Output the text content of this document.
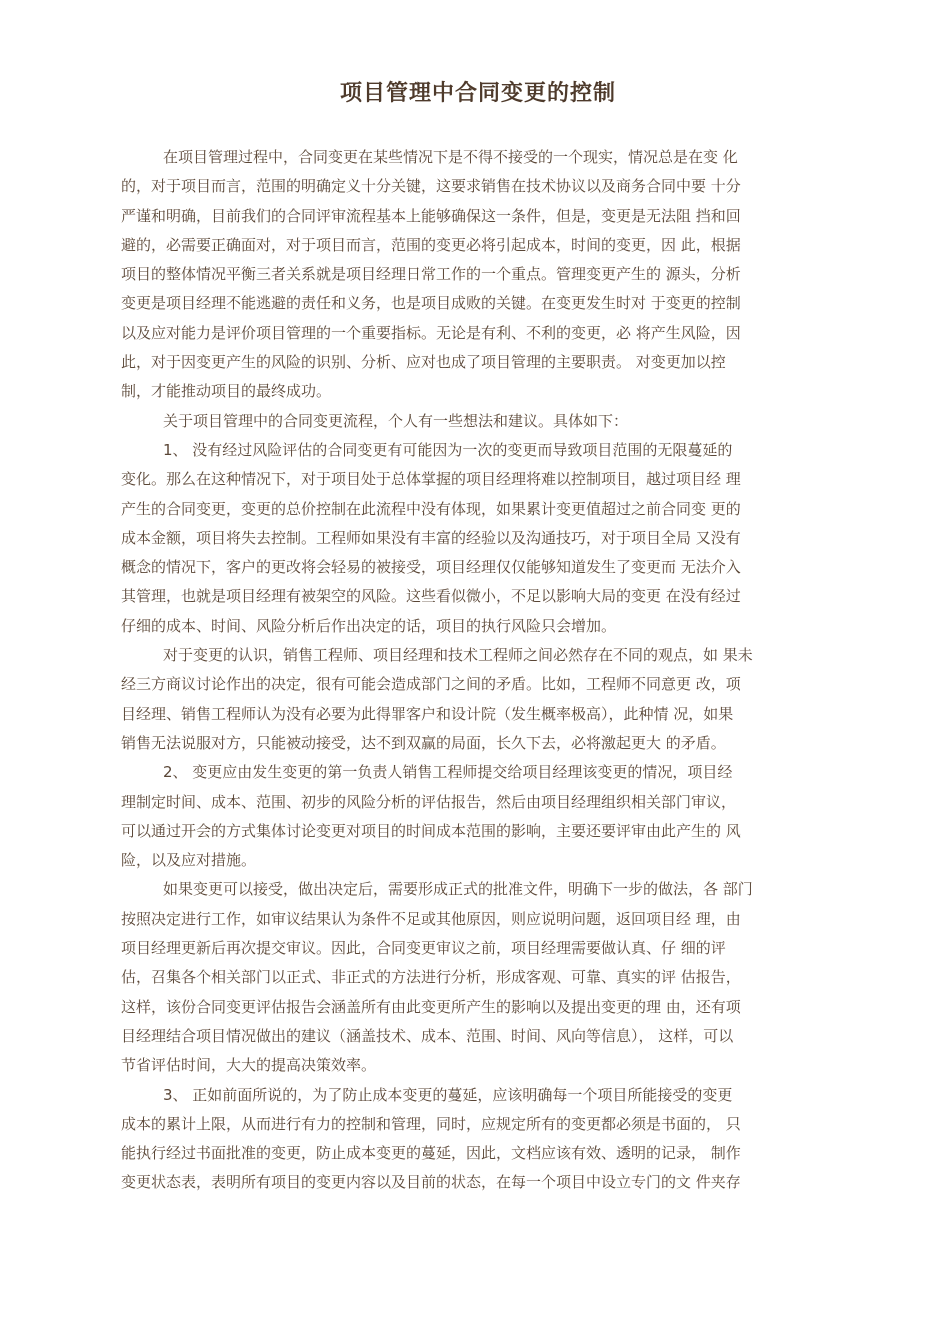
项目管理中合同变更的控制

在项目管理过程中，合同变更在某些情况下是不得不接受的一个现实，情况总是在变 化
的，对于项目而言，范围的明确定义十分关键，这要求销售在技术协议以及商务合同中要 十分
严谨和明确，目前我们的合同评审流程基本上能够确保这一条件，但是，变更是无法阻 挡和回
避的，必需要正确面对，对于项目而言，范围的变更必将引起成本，时间的变更，因 此，根据
项目的整体情况平衡三者关系就是项目经理日常工作的一个重点。管理变更产生的 源头，分析
变更是项目经理不能逃避的责任和义务，也是项目成败的关键。在变更发生时对 于变更的控制
以及应对能力是评价项目管理的一个重要指标。无论是有利、不利的变更，必 将产生风险，因
此，对于因变更产生的风险的识别、分析、应对也成了项目管理的主要职责。 对变更加以控
制，才能推动项目的最终成功。

关于项目管理中的合同变更流程，个人有一些想法和建议。具体如下：

1、 没有经过风险评估的合同变更有可能因为一次的变更而导致项目范围的无限蔓延的
变化。那么在这种情况下，对于项目处于总体掌握的项目经理将难以控制项目，越过项目经 理
产生的合同变更，变更的总价控制在此流程中没有体现，如果累计变更值超过之前合同变 更的
成本金额，项目将失去控制。工程师如果没有丰富的经验以及沟通技巧，对于项目全局 又没有
概念的情况下，客户的更改将会轻易的被接受，项目经理仅仅能够知道发生了变更而 无法介入
其管理，也就是项目经理有被架空的风险。这些看似微小，不足以影响大局的变更 在没有经过
仔细的成本、时间、风险分析后作出决定的话，项目的执行风险只会增加。

对于变更的认识，销售工程师、项目经理和技术工程师之间必然存在不同的观点，如 果未
经三方商议讨论作出的决定，很有可能会造成部门之间的矛盾。比如，工程师不同意更 改，项
目经理、销售工程师认为没有必要为此得罪客户和设计院（发生概率极高），此种情 况，如果
销售无法说服对方，只能被动接受，达不到双赢的局面，长久下去，必将激起更大 的矛盾。

2、 变更应由发生变更的第一负责人销售工程师提交给项目经理该变更的情况，项目经
理制定时间、成本、范围、初步的风险分析的评估报告，然后由项目经理组织相关部门审议，
可以通过开会的方式集体讨论变更对项目的时间成本范围的影响，主要还要评审由此产生的 风
险，以及应对措施。

如果变更可以接受，做出决定后，需要形成正式的批准文件，明确下一步的做法，各 部门
按照决定进行工作，如审议结果认为条件不足或其他原因，则应说明问题，返回项目经 理，由
项目经理更新后再次提交审议。因此，合同变更审议之前，项目经理需要做认真、仔 细的评
估，召集各个相关部门以正式、非正式的方法进行分析，形成客观、可靠、真实的评 估报告，
这样，该份合同变更评估报告会涵盖所有由此变更所产生的影响以及提出变更的理 由，还有项
目经理结合项目情况做出的建议（涵盖技术、成本、范围、时间、风向等信息）， 这样，可以
节省评估时间，大大的提高决策效率。

3、 正如前面所说的，为了防止成本变更的蔓延，应该明确每一个项目所能接受的变更
成本的累计上限，从而进行有力的控制和管理，同时，应规定所有的变更都必须是书面的， 只
能执行经过书面批准的变更，防止成本变更的蔓延，因此，文档应该有效、透明的记录， 制作
变更状态表，表明所有项目的变更内容以及目前的状态，在每一个项目中设立专门的文 件夹存
